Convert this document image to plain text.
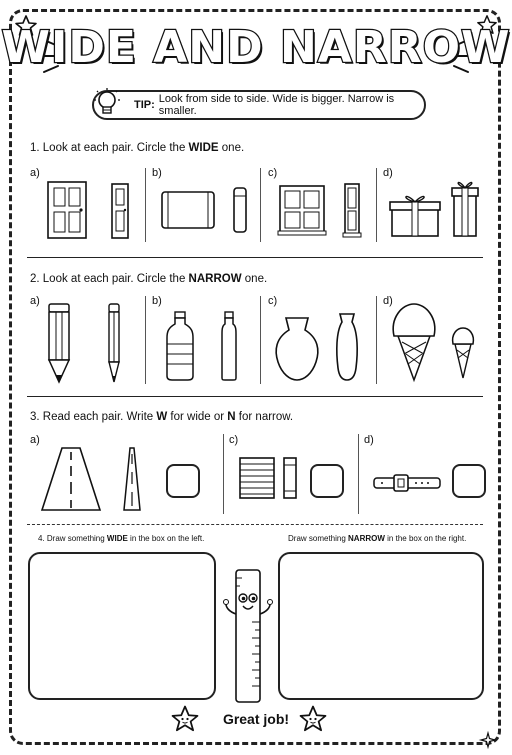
WIDE AND NARROW
TIP: Look from side to side. Wide is bigger. Narrow is smaller.
1. Look at each pair. Circle the WIDE one.
a)	b)	c)	d)
2. Look at each pair. Circle the NARROW one.
a)	b)	c)	d)
3. Read each pair. Write W for wide or N for narrow.
a)	c)	d)
4. Draw something WIDE in the box on the left.	Draw something NARROW in the box on the right.
Great job!
